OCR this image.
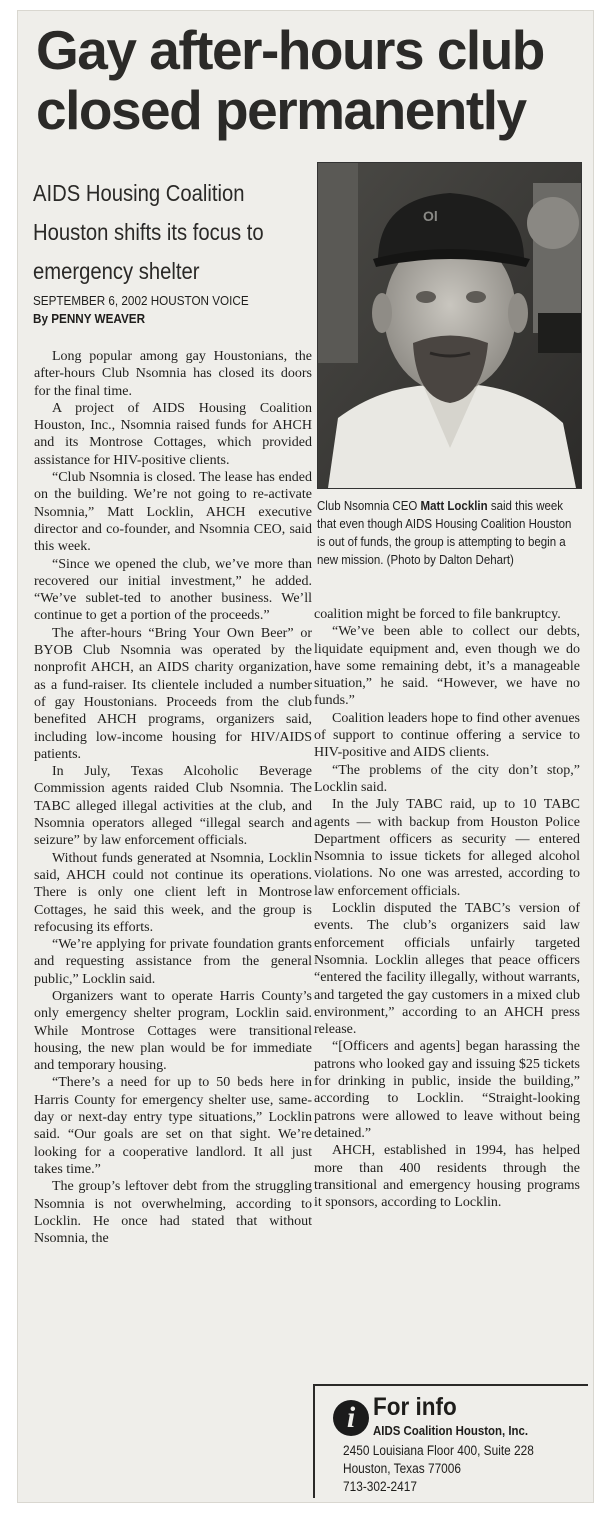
Gay after-hours club closed permanently
AIDS Housing Coalition Houston shifts its focus to emergency shelter
SEPTEMBER 6, 2002 HOUSTON VOICE
By PENNY WEAVER
Ol
Club Nsomnia CEO Matt Locklin said this week that even though AIDS Housing Coalition Houston is out of funds, the group is attempting to begin a new mission. (Photo by Dalton Dehart)

Long popular among gay Houstonians, the after-hours Club Nsomnia has closed its doors for the final time.

A project of AIDS Housing Coalition Houston, Inc., Nsomnia raised funds for AHCH and its Montrose Cottages, which provided assistance for HIV-positive clients.

“Club Nsomnia is closed. The lease has ended on the building. We’re not going to re-activate Nsomnia,” Matt Locklin, AHCH executive director and co-founder, and Nsomnia CEO, said this week.

“Since we opened the club, we’ve more than recovered our initial investment,” he added. “We’ve sublet-ted to another business. We’ll continue to get a portion of the proceeds.”

The after-hours “Bring Your Own Beer” or BYOB Club Nsomnia was operated by the nonprofit AHCH, an AIDS charity organization, as a fund-raiser. Its clientele included a number of gay Houstonians. Proceeds from the club benefited AHCH programs, organizers said, including low-income housing for HIV/AIDS patients.

In July, Texas Alcoholic Beverage Commission agents raided Club Nsomnia. The TABC alleged illegal activities at the club, and Nsomnia operators alleged “illegal search and seizure” by law enforcement officials.

Without funds generated at Nsomnia, Locklin said, AHCH could not continue its operations. There is only one client left in Montrose Cottages, he said this week, and the group is refocusing its efforts.

“We’re applying for private foundation grants and requesting assistance from the general public,” Locklin said.

Organizers want to operate Harris County’s only emergency shelter program, Locklin said. While Montrose Cottages were transitional housing, the new plan would be for immediate and temporary housing.

“There’s a need for up to 50 beds here in Harris County for emergency shelter use, same-day or next-day entry type situations,” Locklin said. “Our goals are set on that sight. We’re looking for a cooperative landlord. It all just takes time.”

The group’s leftover debt from the struggling Nsomnia is not overwhelming, according to Locklin. He once had stated that without Nsomnia, the

coalition might be forced to file bankruptcy.

“We’ve been able to collect our debts, liquidate equipment and, even though we do have some remaining debt, it’s a manageable situation,” he said. “However, we have no funds.”

Coalition leaders hope to find other avenues of support to continue offering a service to HIV-positive and AIDS clients.

“The problems of the city don’t stop,” Locklin said.

In the July TABC raid, up to 10 TABC agents — with backup from Houston Police Department officers as security — entered Nsomnia to issue tickets for alleged alcohol violations. No one was arrested, according to law enforcement officials.

Locklin disputed the TABC’s version of events. The club’s organizers said law enforcement officials unfairly targeted Nsomnia. Locklin alleges that peace officers “entered the facility illegally, without warrants, and targeted the gay customers in a mixed club environment,” according to an AHCH press release.

“[Officers and agents] began harassing the patrons who looked gay and issuing $25 tickets for drinking in public, inside the building,” according to Locklin. “Straight-looking patrons were allowed to leave without being detained.”

AHCH, established in 1994, has helped more than 400 residents through the transitional and emergency housing programs it sponsors, according to Locklin.

i For info
AIDS Coalition Houston, Inc.
2450 Louisiana Floor 400, Suite 228
Houston, Texas 77006
713-302-2417
